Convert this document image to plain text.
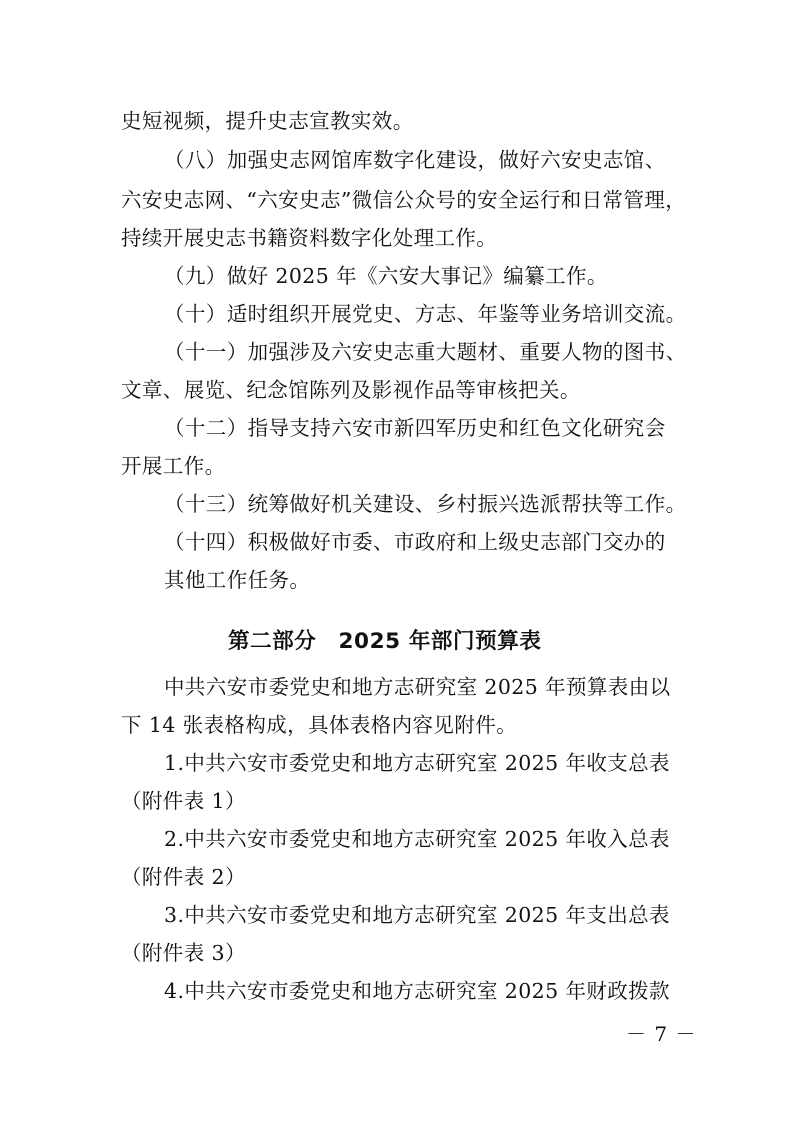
史短视频，提升史志宣教实效。
（八）加强史志网馆库数字化建设，做好六安史志馆、
六安史志网、“六安史志”微信公众号的安全运行和日常管理，
持续开展史志书籍资料数字化处理工作。
（九）做好 2025 年《六安大事记》编纂工作。
（十）适时组织开展党史、方志、年鉴等业务培训交流。
（十一）加强涉及六安史志重大题材、重要人物的图书、
文章、展览、纪念馆陈列及影视作品等审核把关。
（十二）指导支持六安市新四军历史和红色文化研究会
开展工作。
（十三）统筹做好机关建设、乡村振兴选派帮扶等工作。
（十四）积极做好市委、市政府和上级史志部门交办的
其他工作任务。
第二部分　2025 年部门预算表
中共六安市委党史和地方志研究室 2025 年预算表由以
下 14 张表格构成，具体表格内容见附件。
1.中共六安市委党史和地方志研究室 2025 年收支总表
（附件表 1）
2.中共六安市委党史和地方志研究室 2025 年收入总表
（附件表 2）
3.中共六安市委党史和地方志研究室 2025 年支出总表
（附件表 3）
4.中共六安市委党史和地方志研究室 2025 年财政拨款
－ 7 －
